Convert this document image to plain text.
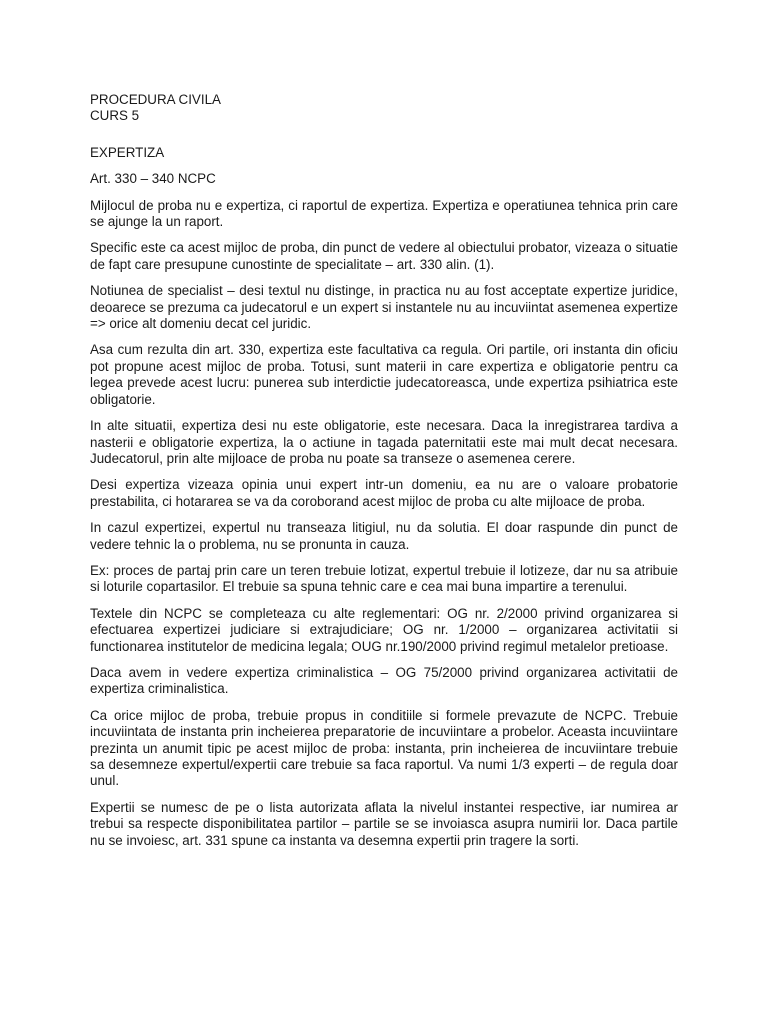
PROCEDURA CIVILA

CURS 5

EXPERTIZA

Art. 330 – 340 NCPC

Mijlocul de proba nu e expertiza, ci raportul de expertiza. Expertiza e operatiunea tehnica prin care se ajunge la un raport.

Specific este ca acest mijloc de proba, din punct de vedere al obiectului probator, vizeaza o situatie de fapt care presupune cunostinte de specialitate – art. 330 alin. (1).

Notiunea de specialist – desi textul nu distinge, in practica nu au fost acceptate expertize juridice, deoarece se prezuma ca judecatorul e un expert si instantele nu au incuviintat asemenea expertize => orice alt domeniu decat cel juridic.

Asa cum rezulta din art. 330, expertiza este facultativa ca regula. Ori partile, ori instanta din oficiu pot propune acest mijloc de proba. Totusi, sunt materii in care expertiza e obligatorie pentru ca legea prevede acest lucru: punerea sub interdictie judecatoreasca, unde expertiza psihiatrica este obligatorie.

In alte situatii, expertiza desi nu este obligatorie, este necesara. Daca la inregistrarea tardiva a nasterii e obligatorie expertiza, la o actiune in tagada paternitatii este mai mult decat necesara. Judecatorul, prin alte mijloace de proba nu poate sa transeze o asemenea cerere.

Desi expertiza vizeaza opinia unui expert intr-un domeniu, ea nu are o valoare probatorie prestabilita, ci hotararea se va da coroborand acest mijloc de proba cu alte mijloace de proba.

In cazul expertizei, expertul nu transeaza litigiul, nu da solutia. El doar raspunde din punct de vedere tehnic la o problema, nu se pronunta in cauza.

Ex: proces de partaj prin care un teren trebuie lotizat, expertul trebuie il lotizeze, dar nu sa atribuie si loturile copartasilor. El trebuie sa spuna tehnic care e cea mai buna impartire a terenului.

Textele din NCPC se completeaza cu alte reglementari: OG nr. 2/2000 privind organizarea si efectuarea expertizei judiciare si extrajudiciare; OG nr. 1/2000 – organizarea activitatii si functionarea institutelor de medicina legala; OUG nr.190/2000 privind regimul metalelor pretioase.

Daca avem in vedere expertiza criminalistica – OG 75/2000 privind organizarea activitatii de expertiza criminalistica.

Ca orice mijloc de proba, trebuie propus in conditiile si formele prevazute de NCPC. Trebuie incuviintata de instanta prin incheierea preparatorie de incuviintare a probelor. Aceasta incuviintare prezinta un anumit tipic pe acest mijloc de proba: instanta, prin incheierea de incuviintare trebuie sa desemneze expertul/expertii care trebuie sa faca raportul. Va numi 1/3 experti – de regula doar unul.

Expertii se numesc de pe o lista autorizata aflata la nivelul instantei respective, iar numirea ar trebui sa respecte disponibilitatea partilor – partile se se invoiasca asupra numirii lor. Daca partile nu se invoiesc, art. 331 spune ca instanta va desemna expertii prin tragere la sorti.
